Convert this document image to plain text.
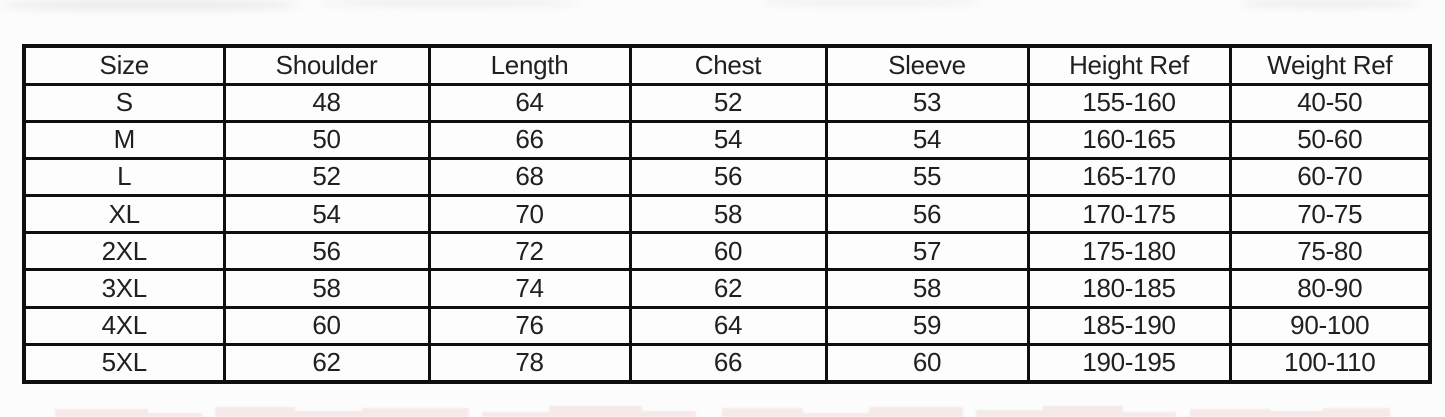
Size	Shoulder	Length	Chest	Sleeve	Height Ref	Weight Ref
S	48	64	52	53	155-160	40-50
M	50	66	54	54	160-165	50-60
L	52	68	56	55	165-170	60-70
XL	54	70	58	56	170-175	70-75
2XL	56	72	60	57	175-180	75-80
3XL	58	74	62	58	180-185	80-90
4XL	60	76	64	59	185-190	90-100
5XL	62	78	66	60	190-195	100-110
